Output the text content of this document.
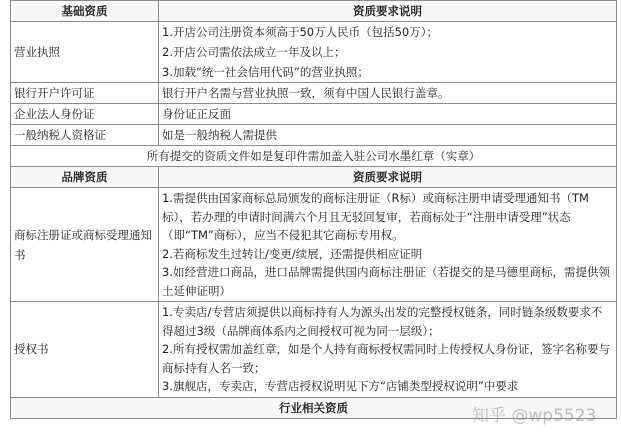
基础资质	资质要求说明
营业执照	1.开店公司注册资本须高于50万人民币（包括50万）；
2.开店公司需依法成立一年及以上；
3.加载“统一社会信用代码”的营业执照；

银行开户许可证	银行开户名需与营业执照一致，须有中国人民银行盖章。
企业法人身份证	身份证正反面
一般纳税人资格证	如是一般纳税人需提供
所有提交的资质文件如是复印件需加盖入驻公司水墨红章（实章）	
品牌资质	资质要求说明
商标注册证或商标受理通知书	1.需提供由国家商标总局颁发的商标注册证（R标）或商标注册申请受理通知书（TM标），若办理的申请时间满六个月且无驳回复审，若商标处于“注册申请受理”状态（即“TM”商标），应当不侵犯其它商标专用权。
2.若商标发生过转让/变更/续展，还需提供相应证明
3.如经营进口商品，进口品牌需提供国内商标注册证（若提交的是马德里商标，需提供领土延伸证明）

授权书	1.专卖店/专营店须提供以商标持有人为源头出发的完整授权链条，同时链条级数要求不得超过3级（品牌商体系内之间授权可视为同一层级）；
2.所有授权需加盖红章，如是个人持有商标授权需同时上传授权人身份证，签字名称要与商标持有人名一致；
3.旗舰店，专卖店，专营店授权说明见下方“店铺类型授权说明”中要求

行业相关资质		知乎 @wp5523
